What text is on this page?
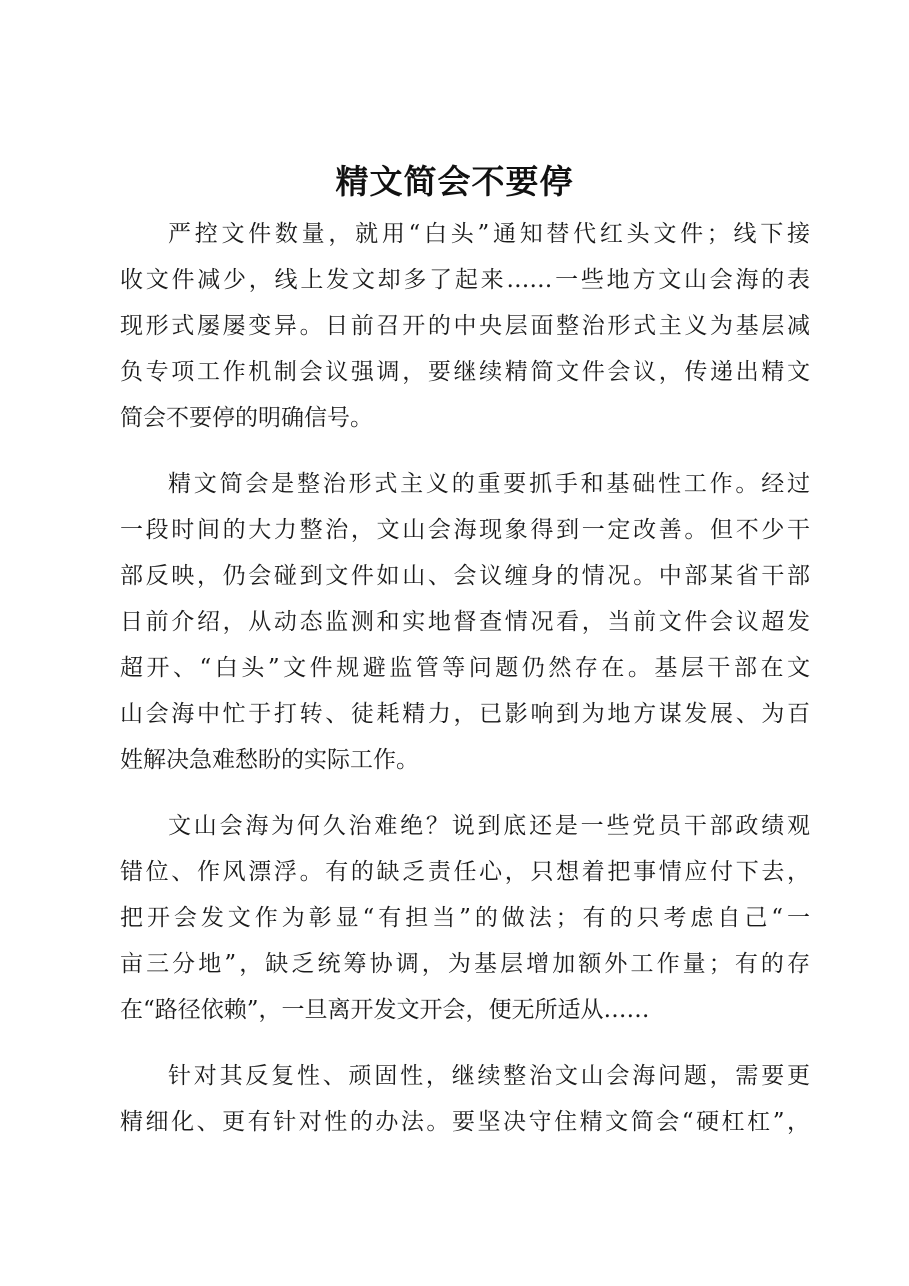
精文简会不要停
严控文件数量，就用“白头”通知替代红头文件；线下接
收文件减少，线上发文却多了起来……一些地方文山会海的表
现形式屡屡变异。日前召开的中央层面整治形式主义为基层减
负专项工作机制会议强调，要继续精简文件会议，传递出精文
简会不要停的明确信号。
精文简会是整治形式主义的重要抓手和基础性工作。经过
一段时间的大力整治，文山会海现象得到一定改善。但不少干
部反映，仍会碰到文件如山、会议缠身的情况。中部某省干部
日前介绍，从动态监测和实地督查情况看，当前文件会议超发
超开、“白头”文件规避监管等问题仍然存在。基层干部在文
山会海中忙于打转、徒耗精力，已影响到为地方谋发展、为百
姓解决急难愁盼的实际工作。
文山会海为何久治难绝？说到底还是一些党员干部政绩观
错位、作风漂浮。有的缺乏责任心，只想着把事情应付下去，
把开会发文作为彰显“有担当”的做法；有的只考虑自己“一
亩三分地”，缺乏统筹协调，为基层增加额外工作量；有的存
在“路径依赖”，一旦离开发文开会，便无所适从……
针对其反复性、顽固性，继续整治文山会海问题，需要更
精细化、更有针对性的办法。要坚决守住精文简会“硬杠杠”，
